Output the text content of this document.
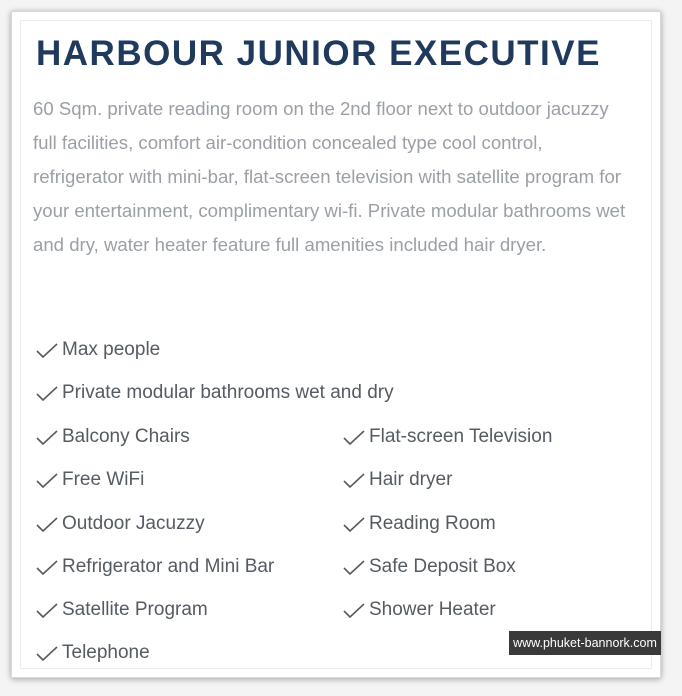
HARBOUR JUNIOR EXECUTIVE

60 Sqm. private reading room on the 2nd floor next to outdoor jacuzzy full facilities, comfort air-condition concealed type cool control, refrigerator with mini-bar, flat-screen television with satellite program for your entertainment, complimentary wi-fi. Private modular bathrooms wet and dry, water heater feature full amenities included hair dryer.

Max people
Private modular bathrooms wet and dry
Balcony Chairs	Flat-screen Television
Free WiFi	Hair dryer
Outdoor Jacuzzy	Reading Room
Refrigerator and Mini Bar	Safe Deposit Box
Satellite Program	Shower Heater
Telephone	www.phuket-bannork.com
